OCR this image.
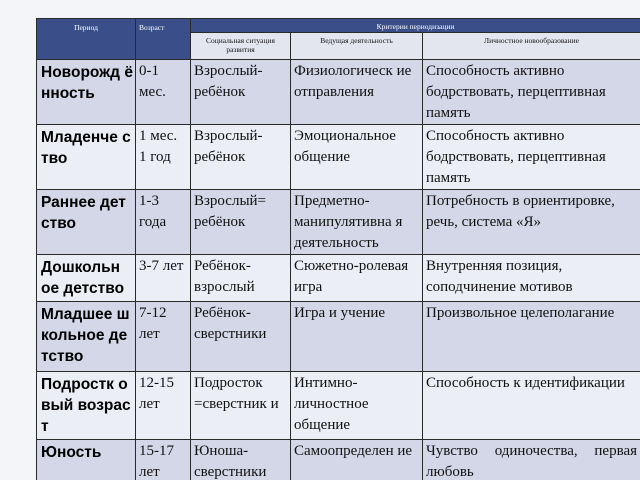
Период	Возраст	Критерии периодизации		
		Социальная ситуация развития	Ведущая деятельность	Личностное новообразование
Новорожд ённость	0-1 мес.	Взрослый-ребёнок	Физиологическ ие отправления	Способность активно бодрствовать, перцептивная память
Младенче ство	1 мес. 1 год	Взрослый-ребёнок	Эмоциональное общение	Способность активно бодрствовать, перцептивная память
Раннее детство	1-3 года	Взрослый= ребёнок	Предметно-манипулятивна я деятельность	Потребность в ориентировке, речь, система «Я»
Дошкольн ое детство	3-7 лет	Ребёнок-взрослый	Сюжетно-ролевая игра	Внутренняя позиция, соподчинение мотивов
Младшее школьное детство	7-12 лет	Ребёнок-сверстники	Игра и учение	Произвольное целеполагание
Подростк овый возраст	12-15 лет	Подросток =сверстник и	Интимно-личностное общение	Способность к идентификации
Юность	15-17 лет	Юноша-сверстники	Самоопределен ие	Чувство одиночества, первая любовь
